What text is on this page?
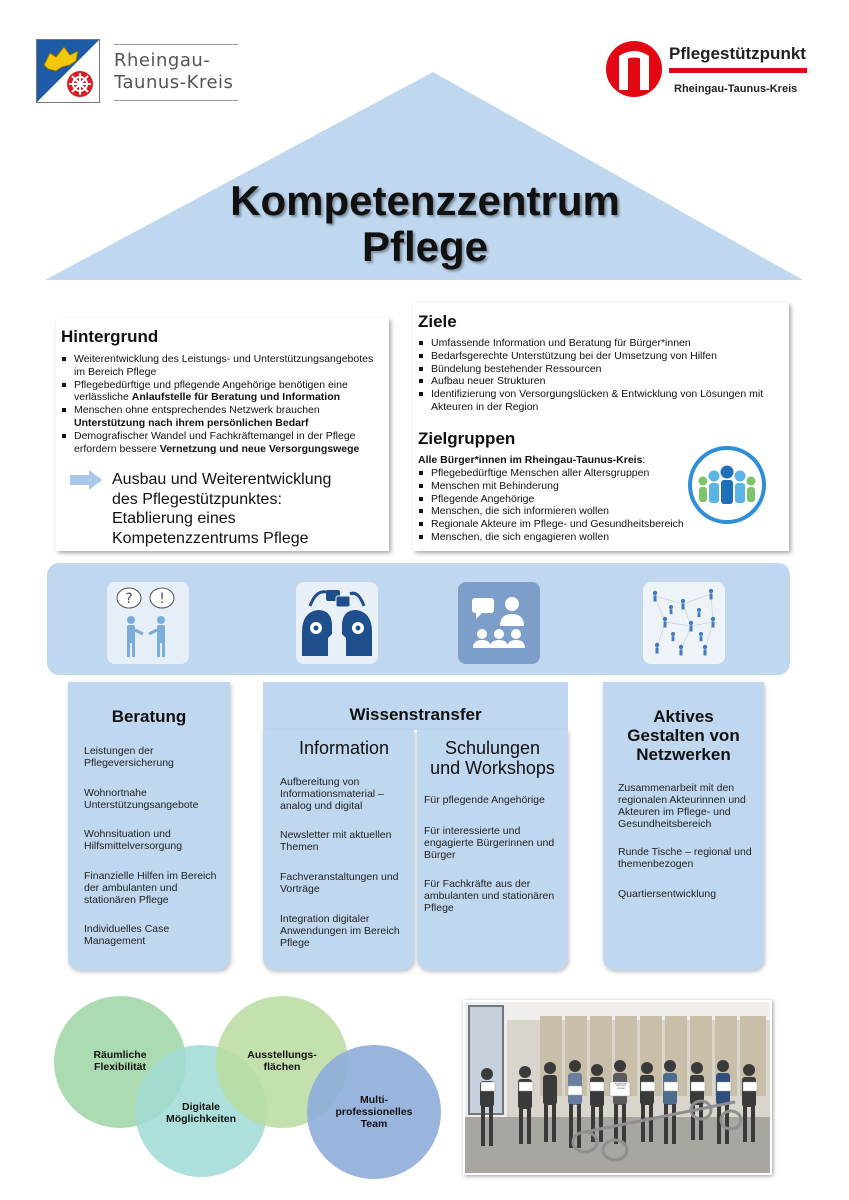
Rheingau-
Taunus-Kreis
Pflegestützpunkt
Rheingau-Taunus-Kreis
Kompetenzzentrum
Pflege
Hintergrund
Weiterentwicklung des Leistungs- und Unterstützungsangebotes im Bereich Pflege
Pflegebedürftige und pflegende Angehörige benötigen eine verlässliche Anlaufstelle für Beratung und Information
Menschen ohne entsprechendes Netzwerk brauchen Unterstützung nach ihrem persönlichen Bedarf
Demografischer Wandel und Fachkräftemangel in der Pflege erfordern bessere Vernetzung und neue Versorgungswege
Ausbau und Weiterentwicklung
des Pflegestützpunktes:
Etablierung eines
Kompetenzzentrums Pflege
Ziele
Umfassende Information und Beratung für Bürger*innen
Bedarfsgerechte Unterstützung bei der Umsetzung von Hilfen
Bündelung bestehender Ressourcen
Aufbau neuer Strukturen
Identifizierung von Versorgungslücken & Entwicklung von Lösungen mit Akteuren in der Region
Zielgruppen
Alle Bürger*innen im Rheingau-Taunus-Kreis:
Pflegebedürftige Menschen aller Altersgruppen
Menschen mit Behinderung
Pflegende Angehörige
Menschen, die sich informieren wollen
Regionale Akteure im Pflege- und Gesundheitsbereich
Menschen, die sich engagieren wollen
? !
Beratung
Leistungen der Pflegeversicherung
Wohnortnahe Unterstützungsangebote
Wohnsituation und Hilfsmittelversorgung
Finanzielle Hilfen im Bereich der ambulanten und stationären Pflege
Individuelles Case Management
Wissenstransfer
Information
Aufbereitung von Informationsmaterial – analog und digital
Newsletter mit aktuellen Themen
Fachveranstaltungen und Vorträge
Integration digitaler Anwendungen im Bereich Pflege
Schulungen
und Workshops
Für pflegende Angehörige
Für interessierte und engagierte Bürgerinnen und Bürger
Für Fachkräfte aus der ambulanten und stationären Pflege
Aktives
Gestalten von
Netzwerken
Zusammenarbeit mit den regionalen Akteurinnen und Akteuren im Pflege- und Gesundheitsbereich
Runde Tische – regional und themenbezogen
Quartiersentwicklung
Räumliche
Flexibilität
Digitale
Möglichkeiten
Ausstellungs-
flächen
Multi-
professionelles
Team
KOMPETENZ ZENTRUM PFLEGE
